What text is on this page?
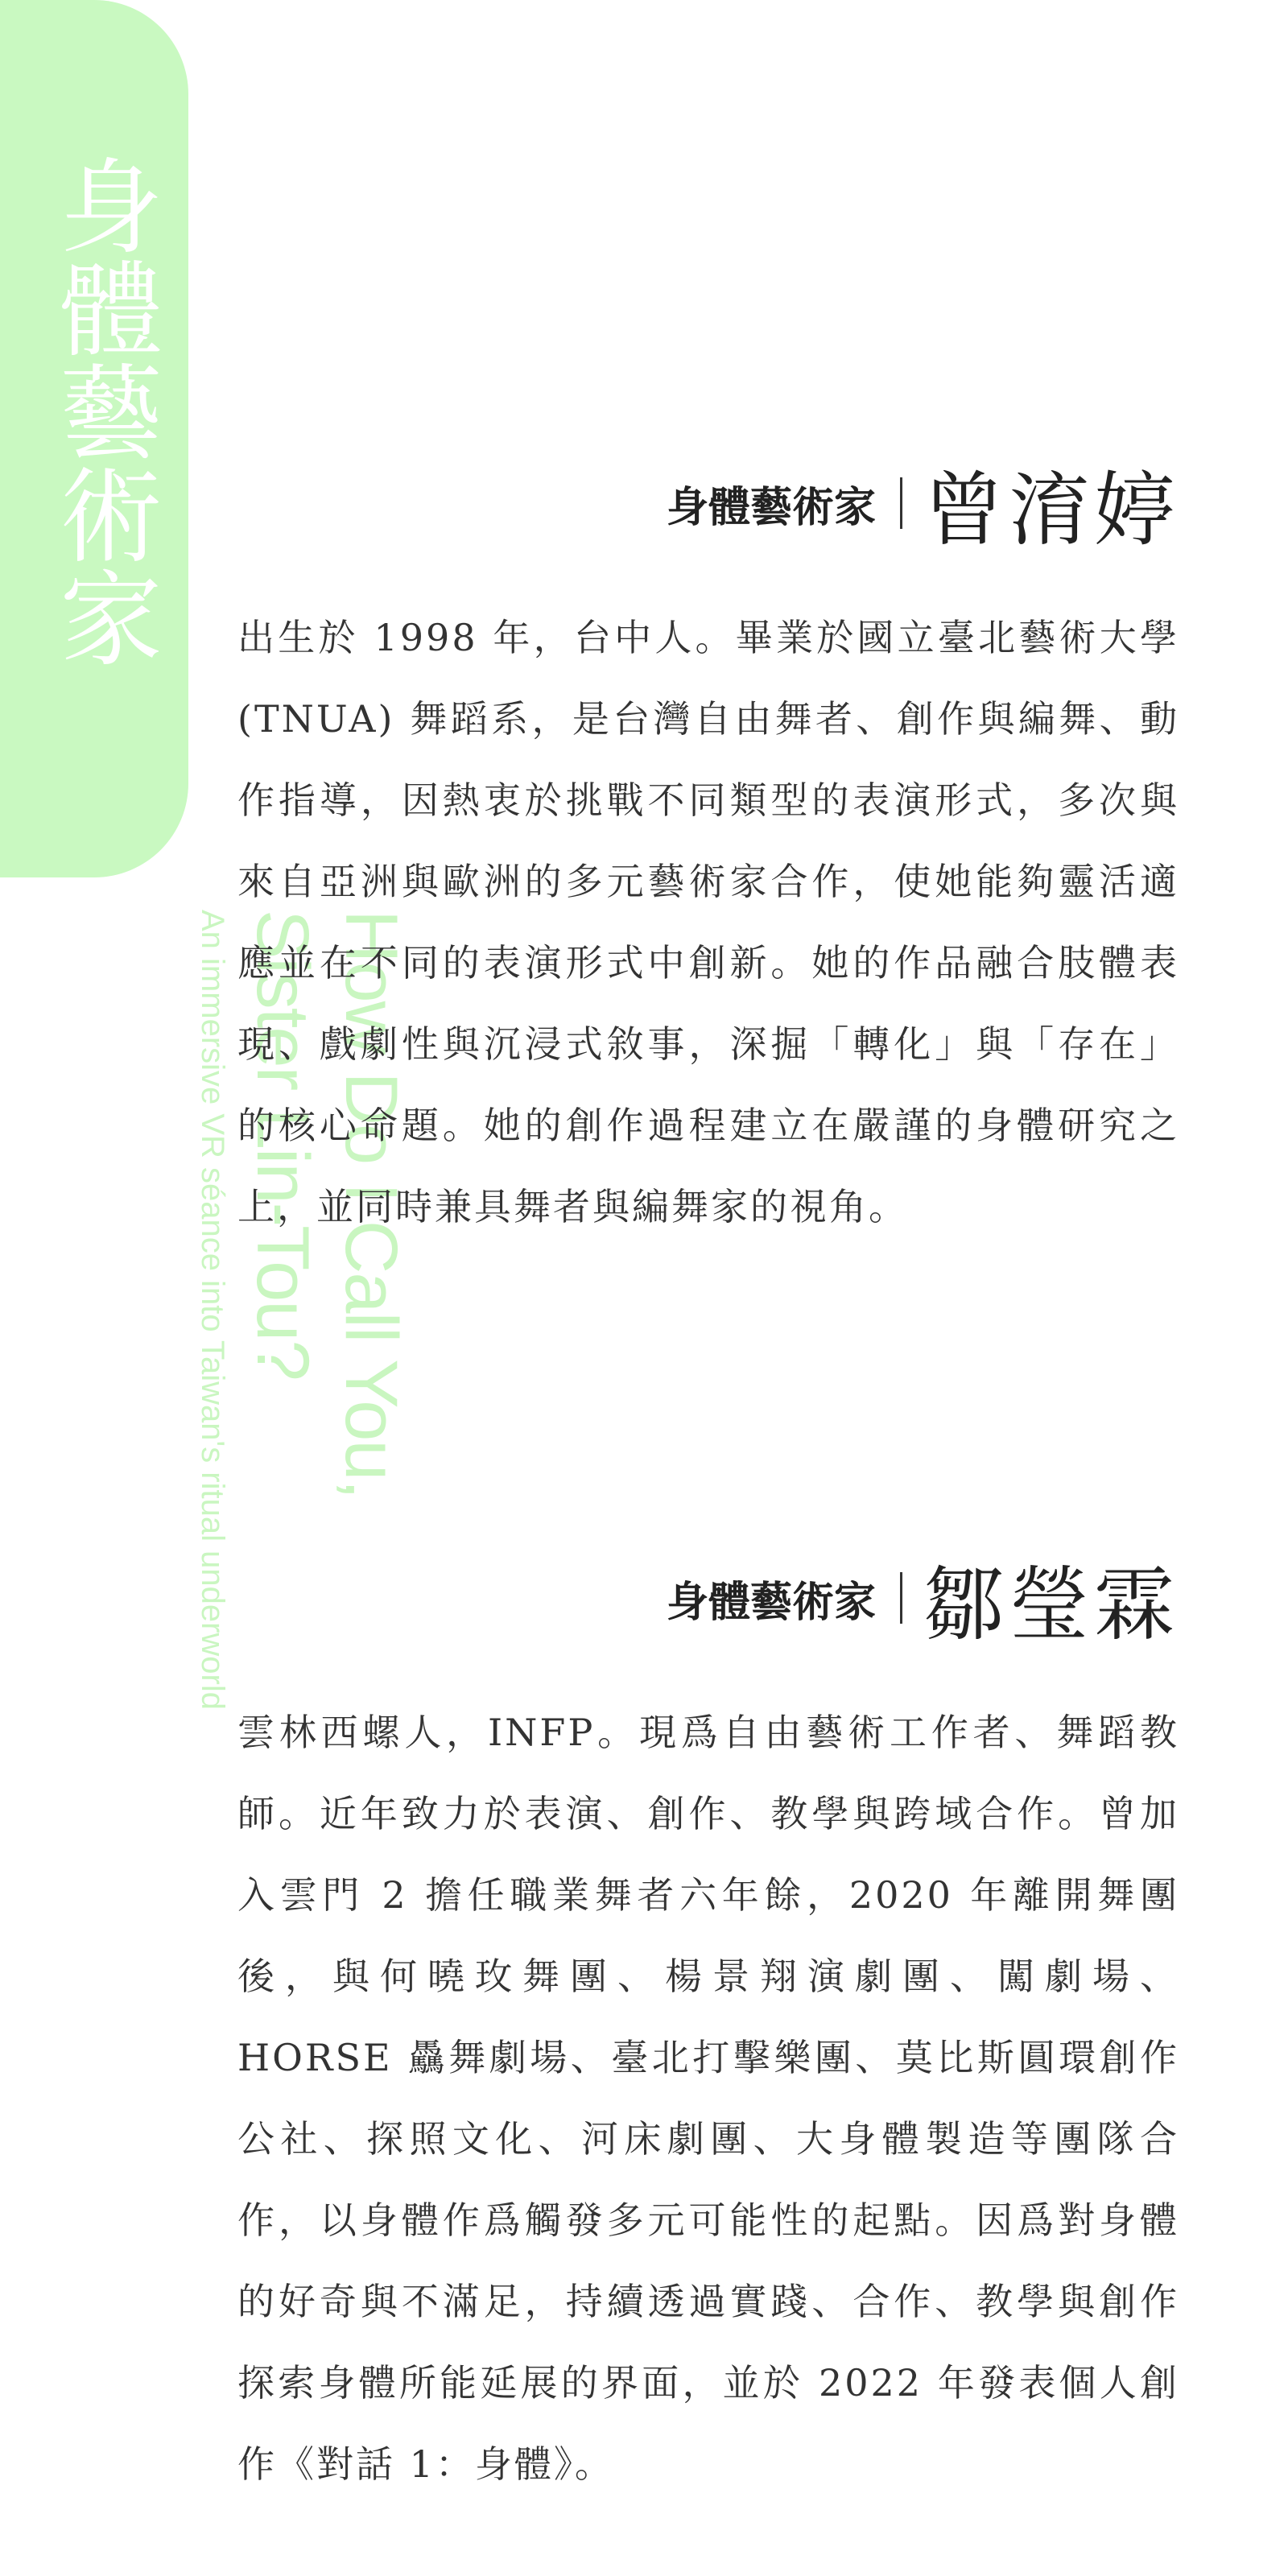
身體藝術家
How Do I Call You,
Sister Lin-Tou?
An immersive VR séance into Taiwan's ritual underworld
身體藝術家 曾淯婷
出生於 1998 年，台中人。畢業於國立臺北藝術大學 (TNUA) 舞蹈系，是台灣自由舞者、創作與編舞、動作指導，因熱衷於挑戰不同類型的表演形式，多次與來自亞洲與歐洲的多元藝術家合作，使她能夠靈活適應並在不同的表演形式中創新。她的作品融合肢體表現、戲劇性與沉浸式敘事，深掘「轉化」與「存在」的核心命題。她的創作過程建立在嚴謹的身體研究之上，並同時兼具舞者與編舞家的視角。
身體藝術家 鄒瑩霖
雲林西螺人，INFP。現爲自由藝術工作者、舞蹈教師。近年致力於表演、創作、教學與跨域合作。曾加入雲門 2 擔任職業舞者六年餘，2020 年離開舞團後，與何曉玫舞團、楊景翔演劇團、闖劇場、HORSE 驫舞劇場、臺北打擊樂團、莫比斯圓環創作公社、探照文化、河床劇團、大身體製造等團隊合作，以身體作爲觸發多元可能性的起點。因爲對身體的好奇與不滿足，持續透過實踐、合作、教學與創作探索身體所能延展的界面，並於 2022 年發表個人創作《對話 1：身體》。
